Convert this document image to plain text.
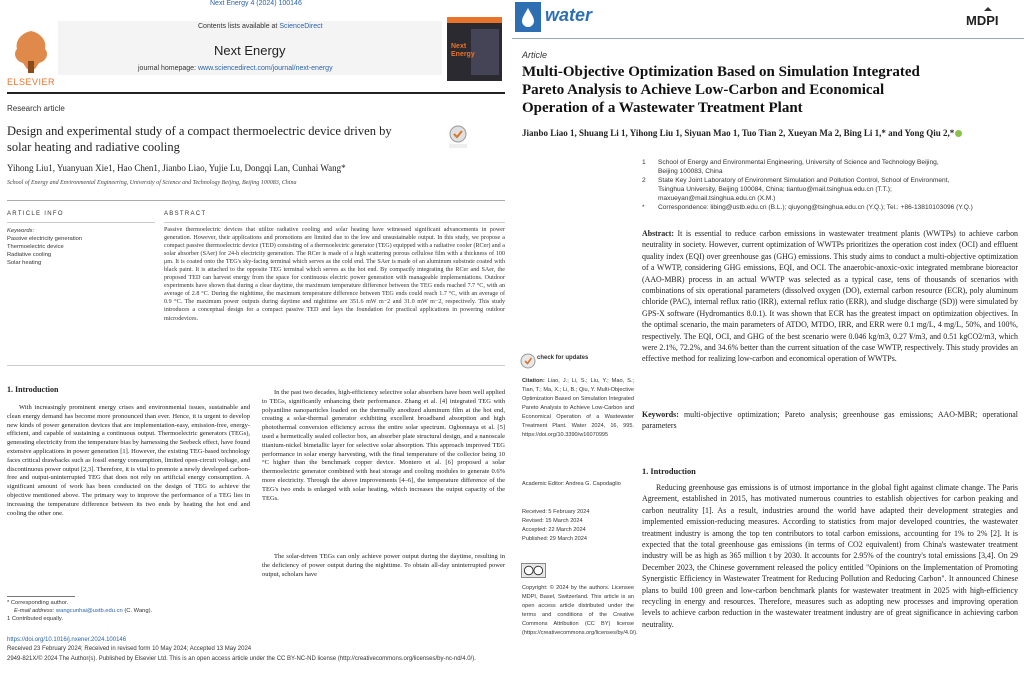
Next Energy 4 (2024) 100146
ELSEVIER
Contents lists available at ScienceDirect
Next Energy
journal homepage: www.sciencedirect.com/journal/next-energy
Next
Energy
Research article
Design and experimental study of a compact thermoelectric device driven by
solar heating and radiative cooling
Yihong Liu1, Yuanyuan Xie1, Hao Chen1, Jianbo Liao, Yujie Lu, Dongqi Lan, Cunhai Wang*
School of Energy and Environmental Engineering, University of Science and Technology Beijing, Beijing 100083, China
ARTICLE INFO
Keywords:
Passive electricity generation
Thermoelectric device
Radiative cooling
Solar heating
ABSTRACT
Passive thermoelectric devices that utilize radiative cooling and solar heating have witnessed significant advancements in power generation. However, their applications and promotions are limited due to the low and unsustainable output. In this study, we propose a compact passive thermoelectric device (TED) consisting of a thermoelectric generator (TEG) equipped with a radiative cooler (RCer) and a solar absorber (SAer) for 24-h electricity generation. The RCer is made of a high scattering porous cellulose film with a thickness of 100 μm. It is coated onto the TEG's sky-facing terminal which serves as the cold end. The SAer is made of an aluminum substrate coated with black paint. It is attached to the opposite TEG terminal which serves as the hot end. By compactly integrating the RCer and SAer, the proposed TED can harvest energy from the space for continuous electric power generation with manageable implementations. Outdoor experiments have shown that during a clear daytime, the maximum temperature difference between the TEG ends reached 7.7 °C, with an average of 2.8 °C. During the nighttime, the maximum temperature difference between TEG ends could reach 1.7 °C, with an average of 0.9 °C. The maximum power outputs during daytime and nighttime are 351.6 mW m−2 and 31.0 mW m−2, respectively. This study introduces a conceptual design for a compact passive TED and lays the foundation for practical applications in powering outdoor microdevices.
1. Introduction
With increasingly prominent energy crises and environmental issues, sustainable and clean energy demand has become more pronounced than ever. Hence, it is urgent to develop new kinds of power generation devices that are implementation-easy, emission-free, energy-efficient, and capable of sustaining a continuous output. Thermoelectric generators (TEGs), generating electricity from the temperature bias by harnessing the Seebeck effect, have found extensive applications in power generation [1]. However, the existing TEG-based technology faces critical drawbacks such as fossil energy consumption, limited open-circuit voltage, and discontinuous power output [2,3]. Therefore, it is vital to promote a newly developed carbon-free and output-uninterrupted TEG that does not rely on artificial energy consumption. A significant amount of work has been conducted on the design of TEG to achieve the objective mentioned above. The primary way to improve the performance of a TEG lies in increasing the temperature difference between its two ends by heating the hot end and cooling the other one.
In the past two decades, high-efficiency selective solar absorbers have been well applied to TEGs, significantly enhancing their performance. Zhang et al. [4] integrated TEG with polyaniline nanoparticles loaded on the thermally anodized aluminum film at the hot end, creating a solar-thermal generator exhibiting excellent broadband absorption and high photothermal conversion efficiency across the entire solar spectrum. Ogbonnaya et al. [5] used a hermetically sealed collector box, an absorber plate structural design, and a nanoscale titanium-nickel bimetallic layer for selective solar absorption. This approach improved TEG performance in solar energy harvesting, with the final temperature of the collector being 10 °C higher than the benchmark copper device. Montero et al. [6] proposed a solar thermoelectric generator combined with heat storage and cooling modules to generate 0.6% more electricity. Through the above improvements [4–6], the temperature difference of the TEG's two ends is enlarged with solar heating, which increases the output capacity of the TEGs.
The solar-driven TEGs can only achieve power output during the daytime, resulting in the deficiency of power output during the nighttime. To obtain all-day uninterrupted power output, scholars have
* Corresponding author.
E-mail address: wangcunhai@ustb.edu.cn (C. Wang).
1 Contributed equally.
https://doi.org/10.1016/j.nxener.2024.100146
Received 23 February 2024; Received in revised form 10 May 2024; Accepted 13 May 2024
2949-821X/© 2024 The Author(s). Published by Elsevier Ltd. This is an open access article under the CC BY-NC-ND license (http://creativecommons.org/licenses/by-nc-nd/4.0/).
water	MDPI
Article
Multi-Objective Optimization Based on Simulation Integrated
Pareto Analysis to Achieve Low-Carbon and Economical
Operation of a Wastewater Treatment Plant
Jianbo Liao 1, Shuang Li 1, Yihong Liu 1, Siyuan Mao 1, Tuo Tian 2, Xueyan Ma 2, Bing Li 1,* and Yong Qiu 2,*
1 School of Energy and Environmental Engineering, University of Science and Technology Beijing,
Beijing 100083, China
2 State Key Joint Laboratory of Environment Simulation and Pollution Control, School of Environment,
Tsinghua University, Beijing 100084, China; tiantuo@mail.tsinghua.edu.cn (T.T.);
maxueyan@mail.tsinghua.edu.cn (X.M.)
* Correspondence: libing@ustb.edu.cn (B.L.); qiuyong@tsinghua.edu.cn (Y.Q.); Tel.: +86-13810103096 (Y.Q.)
Abstract: It is essential to reduce carbon emissions in wastewater treatment plants (WWTPs) to achieve carbon neutrality in society. However, current optimization of WWTPs prioritizes the operation cost index (OCI) and effluent quality index (EQI) over greenhouse gas (GHG) emissions. This study aims to conduct a multi-objective optimization of a WWTP, considering GHG emissions, EQI, and OCI. The anaerobic-anoxic-oxic integrated membrane bioreactor (AAO-MBR) process in an actual WWTP was selected as a typical case, tens of thousands of scenarios with combinations of six operational parameters (dissolved oxygen (DO), external carbon resource (ECR), poly aluminum chloride (PAC), internal reflux ratio (IRR), external reflux ratio (ERR), and sludge discharge (SD)) were simulated by GPS-X software (Hydromantics 8.0.1). It was shown that ECR has the greatest impact on optimization objectives. In the optimal scenario, the main parameters of ATDO, MTDO, IRR, and ERR were 0.1 mg/L, 4 mg/L, 50%, and 100%, respectively. The EQI, OCI, and GHG of the best scenario were 0.046 kg/m3, 0.27 ¥/m3, and 0.51 kgCO2/m3, which were 2.1%, 72.2%, and 34.6% better than the current situation of the case WWTP, respectively. This study provides an effective method for realizing low-carbon and economical operation of WWTPs.
Keywords: multi-objective optimization; Pareto analysis; greenhouse gas emissions; AAO-MBR; operational parameters
check for updates
Citation: Liao, J.; Li, S.; Liu, Y.; Mao, S.; Tian, T.; Ma, X.; Li, B.; Qiu, Y. Multi-Objective Optimization Based on Simulation Integrated Pareto Analysis to Achieve Low-Carbon and Economical Operation of a Wastewater Treatment Plant. Water 2024, 16, 995. https://doi.org/10.3390/w16070995
Academic Editor: Andrea G. Capodaglio
Received: 5 February 2024
Revised: 15 March 2024
Accepted: 22 March 2024
Published: 29 March 2024
Copyright: © 2024 by the authors. Licensee MDPI, Basel, Switzerland. This article is an open access article distributed under the terms and conditions of the Creative Commons Attribution (CC BY) license (https://creativecommons.org/licenses/by/4.0/).
1. Introduction
Reducing greenhouse gas emissions is of utmost importance in the global fight against climate change. The Paris Agreement, established in 2015, has motivated numerous countries to establish objectives for carbon peaking and carbon neutrality [1]. As a result, industries around the world have adapted their development strategies and implemented emission-reducing measures. According to statistics from major developed countries, the wastewater treatment industry is among the top ten contributors to total carbon emissions, accounting for 1% to 2% [2]. It is expected that the total greenhouse gas emissions (in terms of CO2 equivalent) from China's wastewater treatment industry will be as high as 365 million t by 2030. It accounts for 2.95% of the country's total emissions [3,4]. On 29 December 2023, the Chinese government released the policy entitled "Opinions on the Implementation of Promoting Synergistic Efficiency in Wastewater Treatment for Reducing Pollution and Reducing Carbon". It announced Chinese plans to build 100 green and low-carbon benchmark plants for wastewater treatment in 2025 with high-efficiency recycling in energy and resources. Therefore, measures such as adopting new processes and improving operation levels to achieve carbon reduction in the wastewater treatment industry are of great significance in achieving carbon neutrality.
